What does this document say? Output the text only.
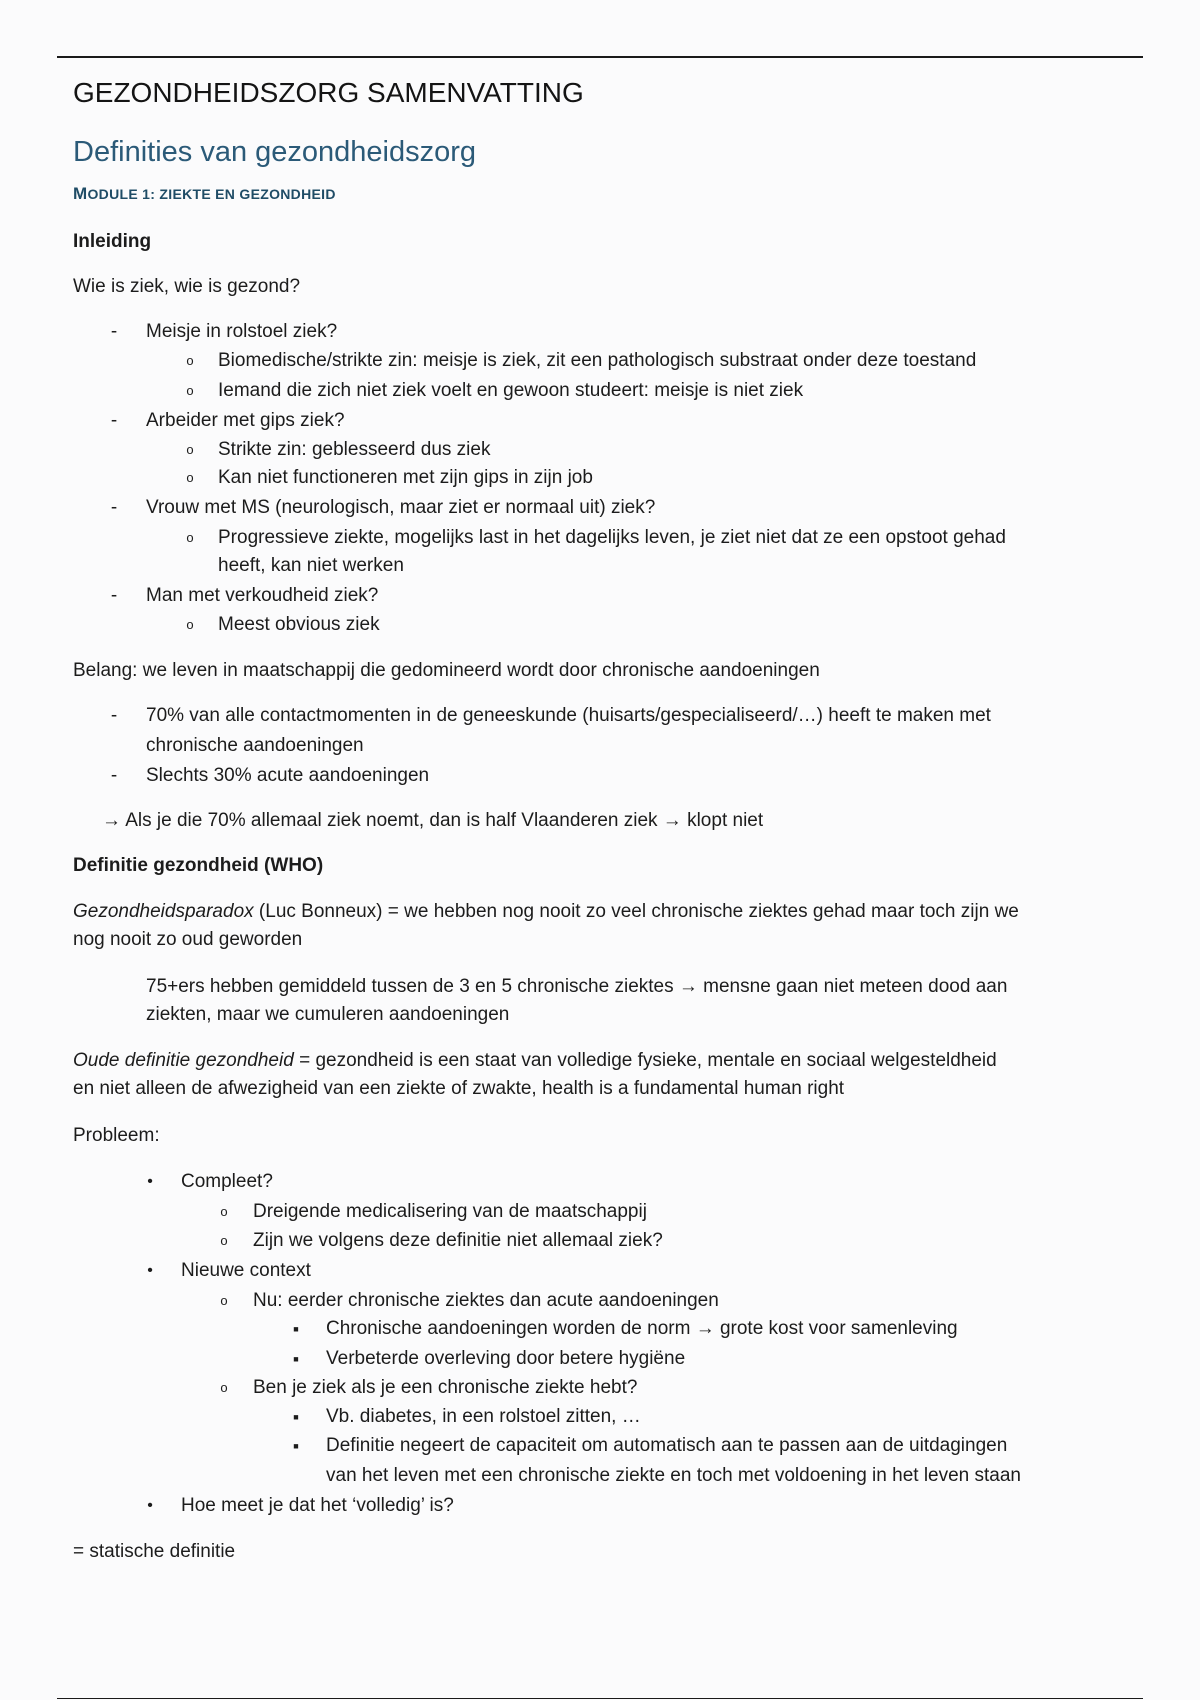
GEZONDHEIDSZORG SAMENVATTING
Definities van gezondheidszorg
MODULE 1: ZIEKTE EN GEZONDHEID
Inleiding
Wie is ziek, wie is gezond?
-	Meisje in rolstoel ziek?
o	Biomedische/strikte zin: meisje is ziek, zit een pathologisch substraat onder deze toestand
o	Iemand die zich niet ziek voelt en gewoon studeert: meisje is niet ziek
-	Arbeider met gips ziek?
o	Strikte zin: geblesseerd dus ziek
o	Kan niet functioneren met zijn gips in zijn job
-	Vrouw met MS (neurologisch, maar ziet er normaal uit) ziek?
o	Progressieve ziekte, mogelijks last in het dagelijks leven, je ziet niet dat ze een opstoot gehad
heeft, kan niet werken
-	Man met verkoudheid ziek?
o	Meest obvious ziek
Belang: we leven in maatschappij die gedomineerd wordt door chronische aandoeningen
-	70% van alle contactmomenten in de geneeskunde (huisarts/gespecialiseerd/…) heeft te maken met
chronische aandoeningen
-	Slechts 30% acute aandoeningen
→ Als je die 70% allemaal ziek noemt, dan is half Vlaanderen ziek → klopt niet
Definitie gezondheid (WHO)
Gezondheidsparadox (Luc Bonneux) = we hebben nog nooit zo veel chronische ziektes gehad maar toch zijn we
nog nooit zo oud geworden
75+ers hebben gemiddeld tussen de 3 en 5 chronische ziektes → mensne gaan niet meteen dood aan
ziekten, maar we cumuleren aandoeningen
Oude definitie gezondheid = gezondheid is een staat van volledige fysieke, mentale en sociaal welgesteldheid
en niet alleen de afwezigheid van een ziekte of zwakte, health is a fundamental human right
Probleem:
•	Compleet?
o	Dreigende medicalisering van de maatschappij
o	Zijn we volgens deze definitie niet allemaal ziek?
•	Nieuwe context
o	Nu: eerder chronische ziektes dan acute aandoeningen
■	Chronische aandoeningen worden de norm → grote kost voor samenleving
■	Verbeterde overleving door betere hygiëne
o	Ben je ziek als je een chronische ziekte hebt?
■	Vb. diabetes, in een rolstoel zitten, …
■	Definitie negeert de capaciteit om automatisch aan te passen aan de uitdagingen
van het leven met een chronische ziekte en toch met voldoening in het leven staan
•	Hoe meet je dat het ‘volledig’ is?
= statische definitie
